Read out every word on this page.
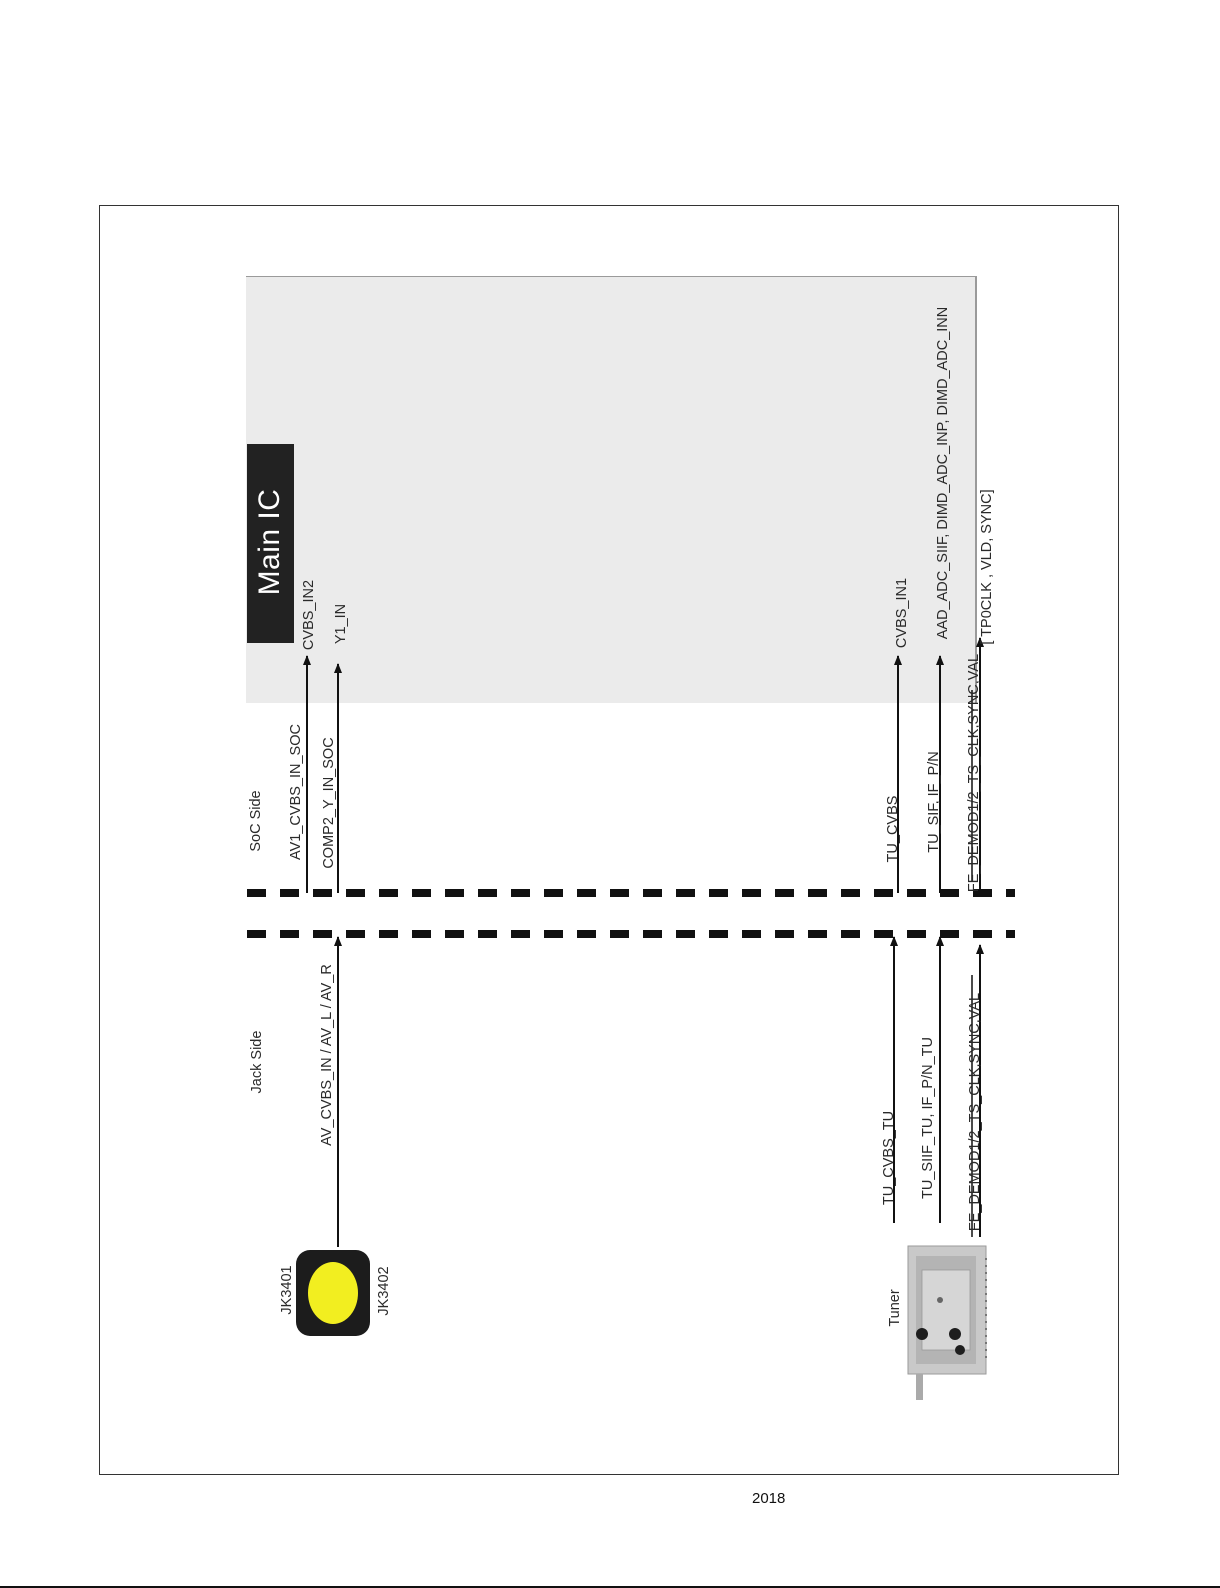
Main IC
SoC Side
Jack Side
AV1_CVBS_IN_SOC COMP2_Y_IN_SOC	TU_CVBS TU_SIF, IF_P/N FE_DEMOD1/2_TS_CLK,SYNC,VAL
CVBS_IN2 Y1_IN	CVBS_IN1 AAD_ADC_SIIF, DIMD_ADC_INP, DIMD_ADC_INN [ TP0CLK , VLD, SYNC]
AV_CVBS_IN / AV_L / AV_R
TU_CVBS_TU TU_SIIF_TU, IF_P/N_TU FE_DEMOD1/2_TS_CLK,SYNC,VAL
JK3401	JK3402	Tuner
2018
